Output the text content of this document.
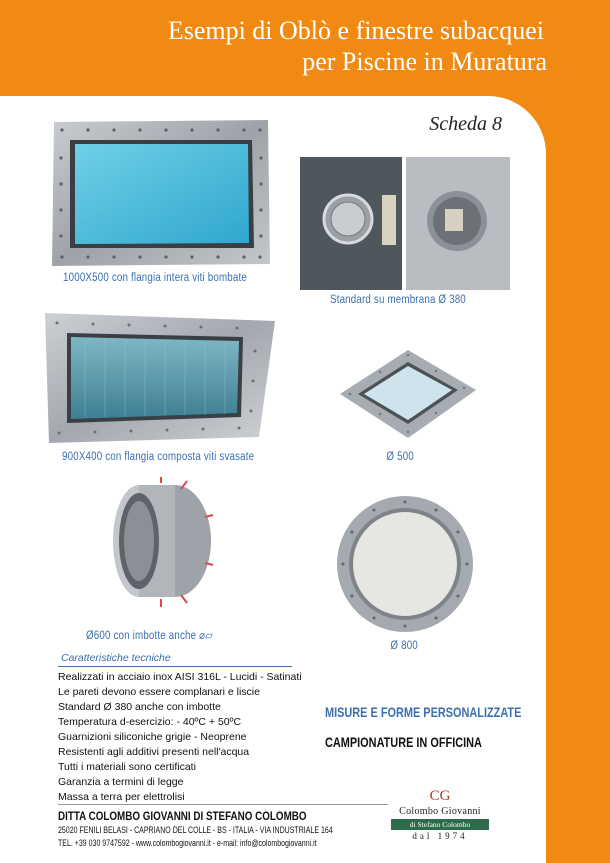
Esempi di Oblò e finestre subacquei
per Piscine in Muratura
Scheda 8
1000X500 con flangia intera viti bombate
Standard su membrana Ø 380
900X400 con flangia composta viti svasate	Ø 500
Ø600 con imbotte anche ⌀⏥
Ø 800
Caratteristiche tecniche
Realizzati in acciaio inox AISI 316L - Lucidi - Satinati
Le pareti devono essere complanari e liscie
Standard Ø 380 anche con imbotte
Temperatura d-esercizio: - 40ºC + 50ºC
Guarnizioni siliconiche grigie - Neoprene
Resistenti agli additivi presenti nell'acqua
Tutti i materiali sono certificati
Garanzia a termini di legge
Massa a terra per elettrolisi
MISURE E FORME PERSONALIZZATE
CAMPIONATURE IN OFFICINA
DITTA COLOMBO GIOVANNI DI STEFANO COLOMBO
25020 FENILI BELASI - CAPRIANO DEL COLLE - BS - ITALIA - VIA INDUSTRIALE 164
TEL. +39 030 9747592 - www.colombogiovanni.it - e-mail: info@colombogiovanni.it
CG
Colombo Giovanni
di Stefano Colombo
dal 1974
